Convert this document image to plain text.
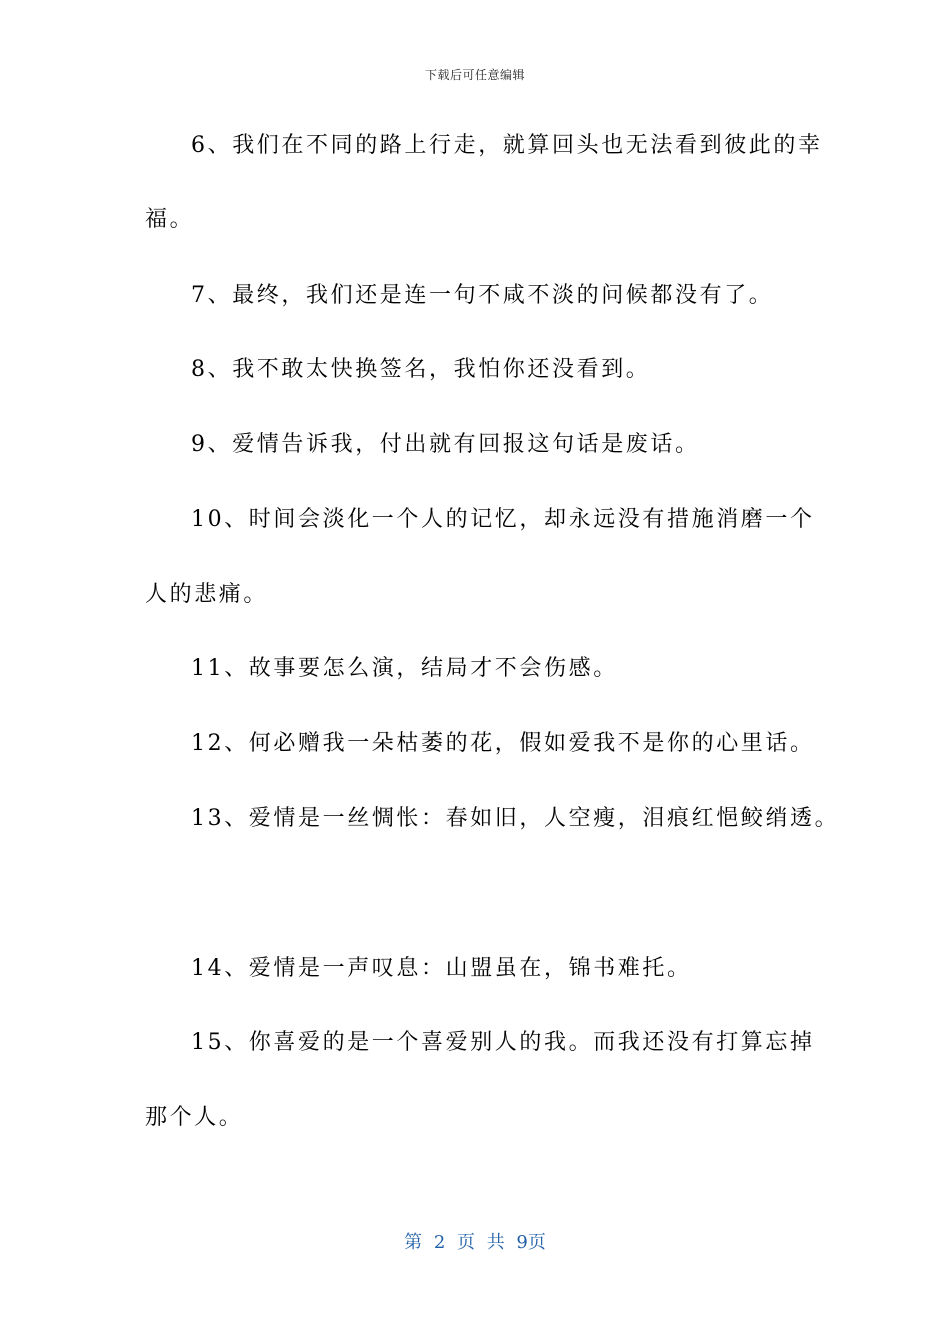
下载后可任意编辑
6、我们在不同的路上行走，就算回头也无法看到彼此的幸
福。
7、最终，我们还是连一句不咸不淡的问候都没有了。
8、我不敢太快换签名，我怕你还没看到。
9、爱情告诉我，付出就有回报这句话是废话。
10、时间会淡化一个人的记忆，却永远没有措施消磨一个
人的悲痛。
11、故事要怎么演，结局才不会伤感。
12、何必赠我一朵枯萎的花，假如爱我不是你的心里话。
13、爱情是一丝惆怅：春如旧，人空瘦，泪痕红悒鲛绡透。
14、爱情是一声叹息：山盟虽在，锦书难托。
15、你喜爱的是一个喜爱别人的我。而我还没有打算忘掉
那个人。
第 2 页 共 9页
